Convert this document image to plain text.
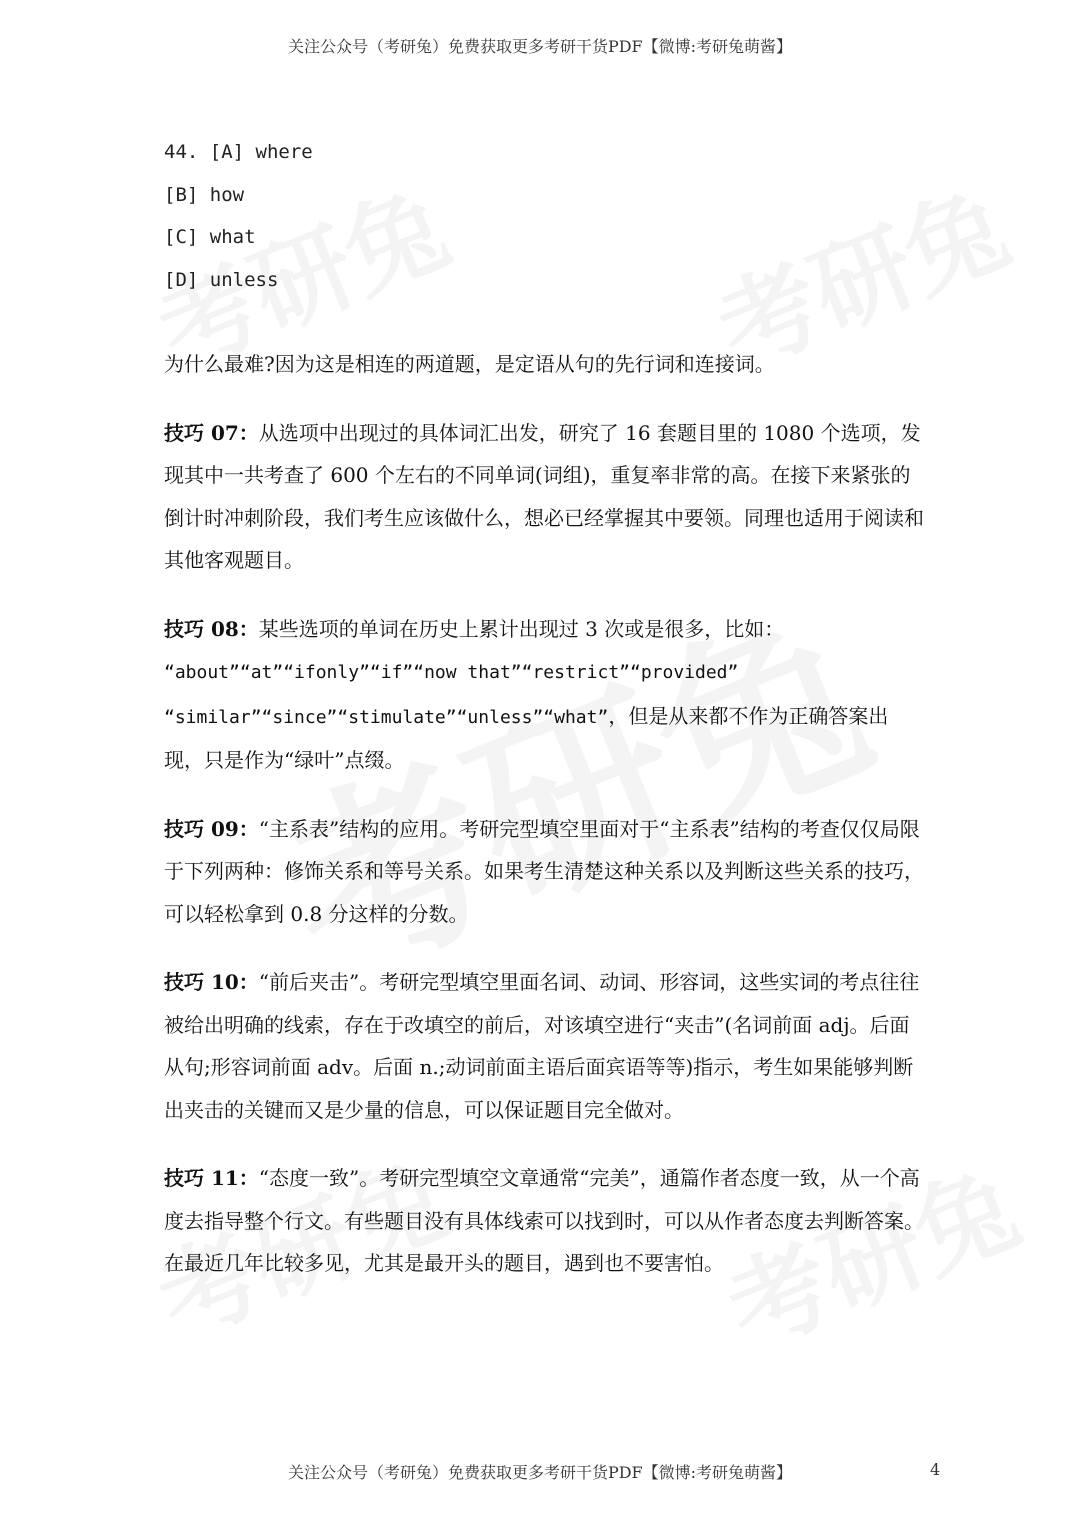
关注公众号（考研兔）免费获取更多考研干货PDF【微博:考研兔萌酱】
44. [A] where
[B] how
[C] what
[D] unless

为什么最难?因为这是相连的两道题，是定语从句的先行词和连接词。

技巧 07：从选项中出现过的具体词汇出发，研究了 16 套题目里的 1080 个选项，发现其中一共考查了 600 个左右的不同单词(词组)，重复率非常的高。在接下来紧张的倒计时冲刺阶段，我们考生应该做什么，想必已经掌握其中要领。同理也适用于阅读和其他客观题目。

技巧 08：某些选项的单词在历史上累计出现过 3 次或是很多，比如：
“about”“at”“ifonly”“if”“now that”“restrict”“provided”
“similar”“since”“stimulate”“unless”“what”，但是从来都不作为正确答案出现，只是作为“绿叶”点缀。

技巧 09：“主系表”结构的应用。考研完型填空里面对于“主系表”结构的考查仅仅局限于下列两种：修饰关系和等号关系。如果考生清楚这种关系以及判断这些关系的技巧，可以轻松拿到 0.8 分这样的分数。

技巧 10：“前后夹击”。考研完型填空里面名词、动词、形容词，这些实词的考点往往被给出明确的线索，存在于改填空的前后，对该填空进行“夹击”(名词前面 adj。后面从句;形容词前面 adv。后面 n.;动词前面主语后面宾语等等)指示，考生如果能够判断出夹击的关键而又是少量的信息，可以保证题目完全做对。

技巧 11：“态度一致”。考研完型填空文章通常“完美”，通篇作者态度一致，从一个高度去指导整个行文。有些题目没有具体线索可以找到时，可以从作者态度去判断答案。在最近几年比较多见，尤其是最开头的题目，遇到也不要害怕。

关注公众号（考研兔）免费获取更多考研干货PDF【微博:考研兔萌酱】	4
